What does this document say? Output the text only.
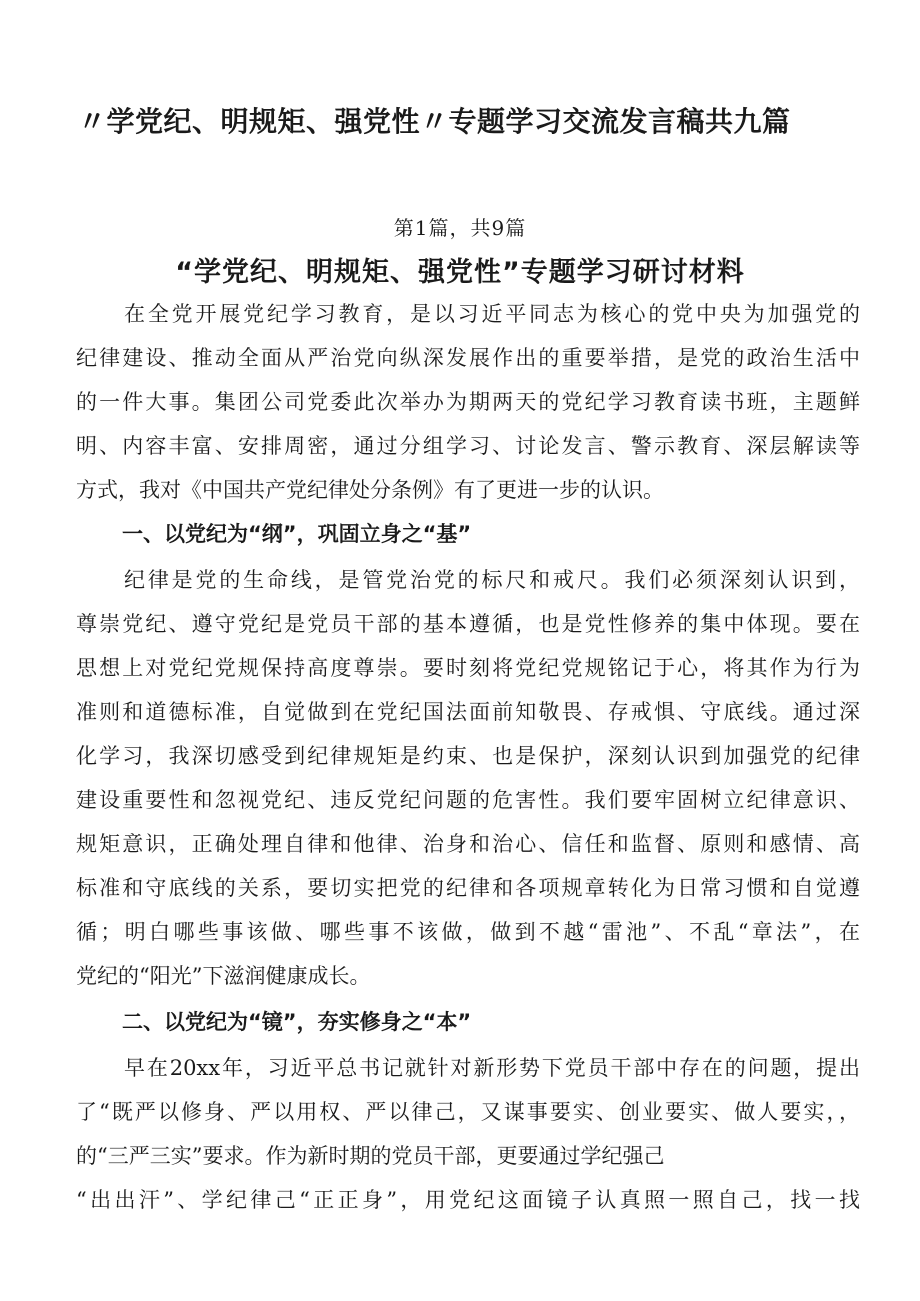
〃学党纪、明规矩、强党性〃专题学习交流发言稿共九篇
第1篇，共9篇
“学党纪、明规矩、强党性”专题学习研讨材料
在全党开展党纪学习教育，是以习近平同志为核心的党中央为加强党的
纪律建设、推动全面从严治党向纵深发展作出的重要举措，是党的政治生活中
的一件大事。集团公司党委此次举办为期两天的党纪学习教育读书班，主题鲜
明、内容丰富、安排周密，通过分组学习、讨论发言、警示教育、深层解读等
方式，我对《中国共产党纪律处分条例》有了更进一步的认识。
一、以党纪为“纲”，巩固立身之“基”
纪律是党的生命线，是管党治党的标尺和戒尺。我们必须深刻认识到，
尊崇党纪、遵守党纪是党员干部的基本遵循，也是党性修养的集中体现。要在
思想上对党纪党规保持高度尊崇。要时刻将党纪党规铭记于心，将其作为行为
准则和道德标准，自觉做到在党纪国法面前知敬畏、存戒惧、守底线。通过深
化学习，我深切感受到纪律规矩是约束、也是保护，深刻认识到加强党的纪律
建设重要性和忽视党纪、违反党纪问题的危害性。我们要牢固树立纪律意识、
规矩意识，正确处理自律和他律、治身和治心、信任和监督、原则和感情、高
标准和守底线的关系，要切实把党的纪律和各项规章转化为日常习惯和自觉遵
循；明白哪些事该做、哪些事不该做，做到不越“雷池”、不乱“章法”，在
党纪的“阳光”下滋润健康成长。
二、以党纪为“镜”，夯实修身之“本”
早在20xx年，习近平总书记就针对新形势下党员干部中存在的问题，提出
了“既严以修身、严以用权、严以律己，又谋事要实、创业要实、做人要实，，
的“三严三实”要求。作为新时期的党员干部，更要通过学纪强己
“出出汗”、学纪律己“正正身”，用党纪这面镜子认真照一照自己，找一找
